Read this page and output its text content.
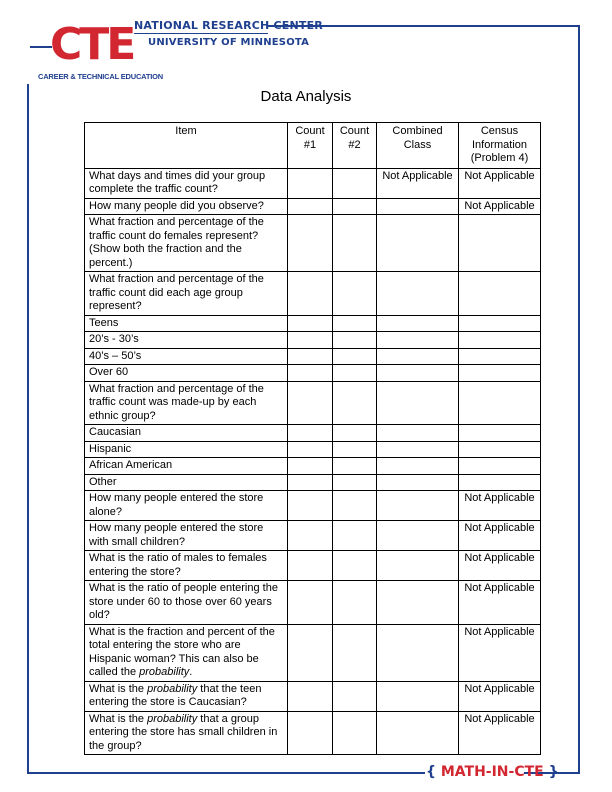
CTE
CAREER & TECHNICAL EDUCATION
NATIONAL RESEARCH CENTER
UNIVERSITY OF MINNESOTA
Data Analysis
Item	Count #1	Count #2	Combined Class	Census Information (Problem 4)
What days and times did your group complete the traffic count?			Not Applicable	Not Applicable
How many people did you observe?				Not Applicable
What fraction and percentage of the traffic count do females represent? (Show both the fraction and the percent.)				
What fraction and percentage of the traffic count did each age group represent?				
Teens				
20’s - 30’s				
40’s – 50’s				
Over 60				
What fraction and percentage of the traffic count was made-up by each ethnic group?				
Caucasian				
Hispanic				
African American				
Other				
How many people entered the store alone?				Not Applicable
How many people entered the store with small children?				Not Applicable
What is the ratio of males to females entering the store?				Not Applicable
What is the ratio of people entering the store under 60 to those over 60 years old?				Not Applicable
What is the fraction and percent of the total entering the store who are Hispanic woman? This can also be called the probability.				Not Applicable
What is the probability that the teen entering the store is Caucasian?				Not Applicable
What is the probability that a group entering the store has small children in the group?				Not Applicable
{ MATH-IN-CTE }
